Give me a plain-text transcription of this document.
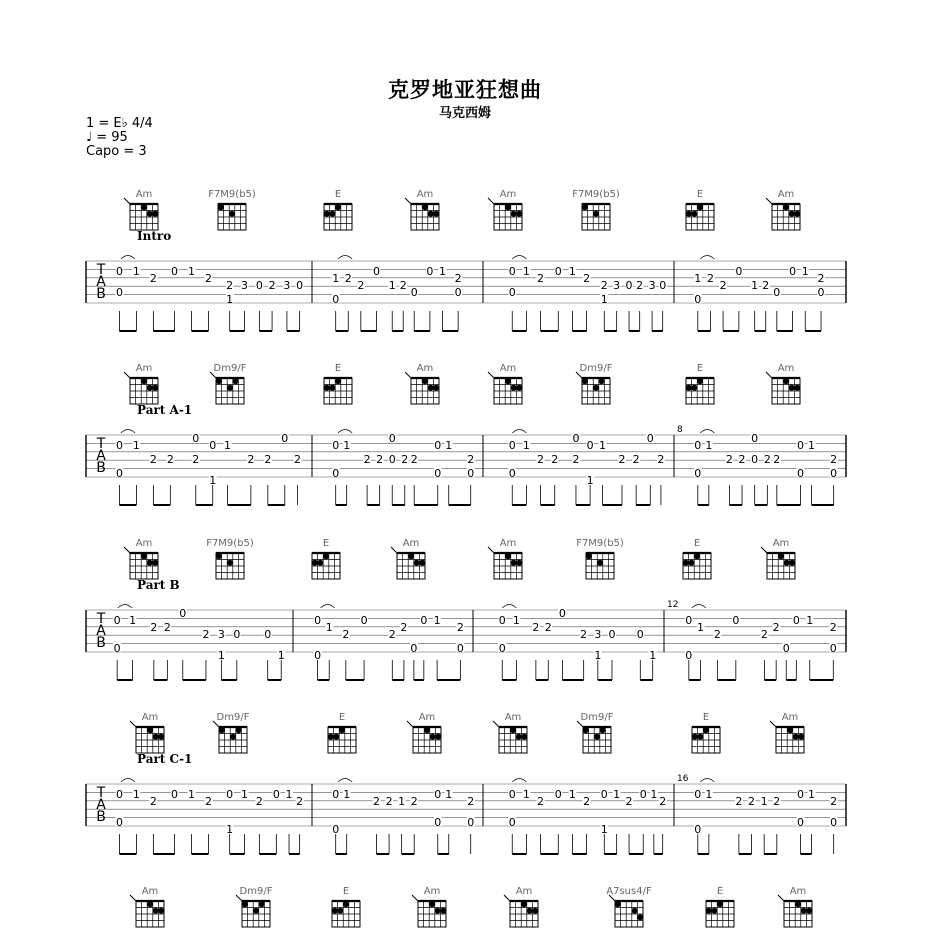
克罗地亚狂想曲
马克西姆
1 = E♭ 4/4
♩ = 95
Capo = 3
Am	F7M9(b5)	E	Am	Am	F7M9(b5)	E	Am
Intro
T
A
B
0 1
2
0
0 1
2
2 3 0
1
2 3 0
1 2
2
0
0
1 2
0
0 1
2
0
0 1
2
0
0 1
2
2 3 0
1
2 3 0
1 2
2
0
0
1 2
0
0 1
2
0
Am	Dm9/F	E	Am	Am	Dm9/F	E	Am
Part A-1
T
A
B
8
0 1
2 2
0
0
2
0 1
1
2 2
0
2
0 1
0
2 2
0
0 2 2
0 1
0
2
0
0 1
2 2
0
0
2
0 1
1
2 2
0
2
0 1
0
2 2
0
0 2 2
0 1
0
2
0
Am	F7M9(b5)	E	Am	Am	F7M9(b5)	E	Am
Part B
T
A
B
12
0 1
0
2 2
0
2 3 0
1
0
1
0
1
2
0
0
2
2
0
0 1
2
0
0 1
0
2 2
0
2 3 0
1
0
1
0
1
2
0
0
2
2
0
0 1
2
0
Am	Dm9/F	E	Am	Am	Dm9/F	E	Am
Part C-1
T
A
B
16
0 1
2
0
0 1
2
0 1
1
2
0 1
2
0 1
0
2 2 1 2
0 1
0
2
0
0 1
2
0
0 1
2
0 1
1
2
0 1
2
0 1
0
2 2 1 2
0 1
0
2
0
Am	Dm9/F	E	Am	Am	A7sus4/F	E	Am
